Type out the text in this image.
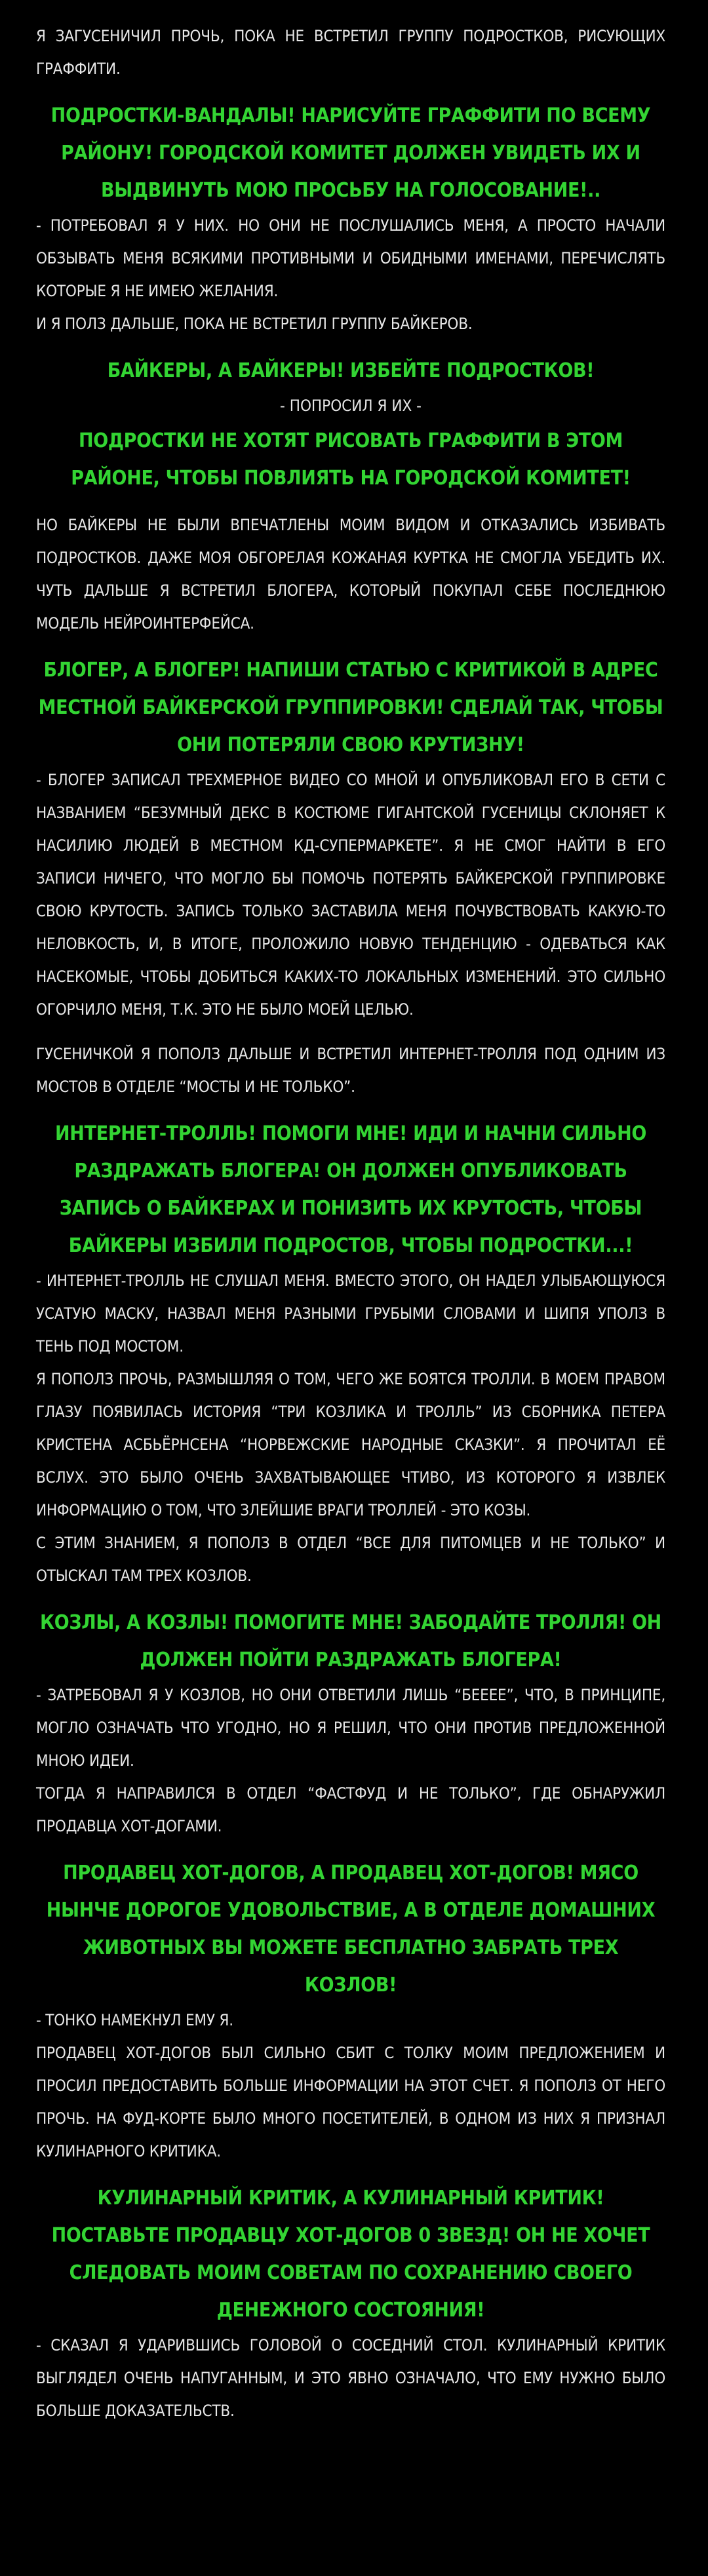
Я ЗАГУСЕНИЧИЛ ПРОЧЬ, ПОКА НЕ ВСТРЕТИЛ ГРУППУ ПОДРОСТКОВ, РИСУЮЩИХ ГРАФФИТИ.

ПОДРОСТКИ-ВАНДАЛЫ! НАРИСУЙТЕ ГРАФФИТИ ПО ВСЕМУ РАЙОНУ! ГОРОДСКОЙ КОМИТЕТ ДОЛЖЕН УВИДЕТЬ ИХ И ВЫДВИНУТЬ МОЮ ПРОСЬБУ НА ГОЛОСОВАНИЕ!..

- ПОТРЕБОВАЛ Я У НИХ. НО ОНИ НЕ ПОСЛУШАЛИСЬ МЕНЯ, А ПРОСТО НАЧАЛИ ОБЗЫВАТЬ МЕНЯ ВСЯКИМИ ПРОТИВНЫМИ И ОБИДНЫМИ ИМЕНАМИ, ПЕРЕЧИСЛЯТЬ КОТОРЫЕ Я НЕ ИМЕЮ ЖЕЛАНИЯ.

И Я ПОЛЗ ДАЛЬШЕ, ПОКА НЕ ВСТРЕТИЛ ГРУППУ БАЙКЕРОВ.

БАЙКЕРЫ, А БАЙКЕРЫ! ИЗБЕЙТЕ ПОДРОСТКОВ!

- ПОПРОСИЛ Я ИХ -

ПОДРОСТКИ НЕ ХОТЯТ РИСОВАТЬ ГРАФФИТИ В ЭТОМ РАЙОНЕ, ЧТОБЫ ПОВЛИЯТЬ НА ГОРОДСКОЙ КОМИТЕТ!

НО БАЙКЕРЫ НЕ БЫЛИ ВПЕЧАТЛЕНЫ МОИМ ВИДОМ И ОТКАЗАЛИСЬ ИЗБИВАТЬ ПОДРОСТКОВ. ДАЖЕ МОЯ ОБГОРЕЛАЯ КОЖАНАЯ КУРТКА НЕ СМОГЛА УБЕДИТЬ ИХ. ЧУТЬ ДАЛЬШЕ Я ВСТРЕТИЛ БЛОГЕРА, КОТОРЫЙ ПОКУПАЛ СЕБЕ ПОСЛЕДНЮЮ МОДЕЛЬ НЕЙРОИНТЕРФЕЙСА.

БЛОГЕР, А БЛОГЕР! НАПИШИ СТАТЬЮ С КРИТИКОЙ В АДРЕС МЕСТНОЙ БАЙКЕРСКОЙ ГРУППИРОВКИ! СДЕЛАЙ ТАК, ЧТОБЫ ОНИ ПОТЕРЯЛИ СВОЮ КРУТИЗНУ!

- БЛОГЕР ЗАПИСАЛ ТРЕХМЕРНОЕ ВИДЕО СО МНОЙ И ОПУБЛИКОВАЛ ЕГО В СЕТИ С НАЗВАНИЕМ “БЕЗУМНЫЙ ДЕКС В КОСТЮМЕ ГИГАНТСКОЙ ГУСЕНИЦЫ СКЛОНЯЕТ К НАСИЛИЮ ЛЮДЕЙ В МЕСТНОМ КД-СУПЕРМАРКЕТЕ”. Я НЕ СМОГ НАЙТИ В ЕГО ЗАПИСИ НИЧЕГО, ЧТО МОГЛО БЫ ПОМОЧЬ ПОТЕРЯТЬ БАЙКЕРСКОЙ ГРУППИРОВКЕ СВОЮ КРУТОСТЬ. ЗАПИСЬ ТОЛЬКО ЗАСТАВИЛА МЕНЯ ПОЧУВСТВОВАТЬ КАКУЮ-ТО НЕЛОВКОСТЬ, И, В ИТОГЕ, ПРОЛОЖИЛО НОВУЮ ТЕНДЕНЦИЮ - ОДЕВАТЬСЯ КАК НАСЕКОМЫЕ, ЧТОБЫ ДОБИТЬСЯ КАКИХ-ТО ЛОКАЛЬНЫХ ИЗМЕНЕНИЙ. ЭТО СИЛЬНО ОГОРЧИЛО МЕНЯ, Т.К. ЭТО НЕ БЫЛО МОЕЙ ЦЕЛЬЮ.

ГУСЕНИЧКОЙ Я ПОПОЛЗ ДАЛЬШЕ И ВСТРЕТИЛ ИНТЕРНЕТ-ТРОЛЛЯ ПОД ОДНИМ ИЗ МОСТОВ В ОТДЕЛЕ “МОСТЫ И НЕ ТОЛЬКО”.

ИНТЕРНЕТ-ТРОЛЛЬ! ПОМОГИ МНЕ! ИДИ И НАЧНИ СИЛЬНО РАЗДРАЖАТЬ БЛОГЕРА! ОН ДОЛЖЕН ОПУБЛИКОВАТЬ ЗАПИСЬ О БАЙКЕРАХ И ПОНИЗИТЬ ИХ КРУТОСТЬ, ЧТОБЫ БАЙКЕРЫ ИЗБИЛИ ПОДРОСТОВ, ЧТОБЫ ПОДРОСТКИ...!

- ИНТЕРНЕТ-ТРОЛЛЬ НЕ СЛУШАЛ МЕНЯ. ВМЕСТО ЭТОГО, ОН НАДЕЛ УЛЫБАЮЩУЮСЯ УСАТУЮ МАСКУ, НАЗВАЛ МЕНЯ РАЗНЫМИ ГРУБЫМИ СЛОВАМИ И ШИПЯ УПОЛЗ В ТЕНЬ ПОД МОСТОМ.

Я ПОПОЛЗ ПРОЧЬ, РАЗМЫШЛЯЯ О ТОМ, ЧЕГО ЖЕ БОЯТСЯ ТРОЛЛИ. В МОЕМ ПРАВОМ ГЛАЗУ ПОЯВИЛАСЬ ИСТОРИЯ “ТРИ КОЗЛИКА И ТРОЛЛЬ” ИЗ СБОРНИКА ПЕТЕРА КРИСТЕНА АСБЬЁРНСЕНА “НОРВЕЖСКИЕ НАРОДНЫЕ СКАЗКИ”. Я ПРОЧИТАЛ ЕЁ ВСЛУХ. ЭТО БЫЛО ОЧЕНЬ ЗАХВАТЫВАЮЩЕЕ ЧТИВО, ИЗ КОТОРОГО Я ИЗВЛЕК ИНФОРМАЦИЮ О ТОМ, ЧТО ЗЛЕЙШИЕ ВРАГИ ТРОЛЛЕЙ - ЭТО КОЗЫ.

С ЭТИМ ЗНАНИЕМ, Я ПОПОЛЗ В ОТДЕЛ “ВСЕ ДЛЯ ПИТОМЦЕВ И НЕ ТОЛЬКО” И ОТЫСКАЛ ТАМ ТРЕХ КОЗЛОВ.

КОЗЛЫ, А КОЗЛЫ! ПОМОГИТЕ МНЕ! ЗАБОДАЙТЕ ТРОЛЛЯ! ОН ДОЛЖЕН ПОЙТИ РАЗДРАЖАТЬ БЛОГЕРА!

- ЗАТРЕБОВАЛ Я У КОЗЛОВ, НО ОНИ ОТВЕТИЛИ ЛИШЬ “БЕЕЕE”, ЧТО, В ПРИНЦИПЕ, МОГЛО ОЗНАЧАТЬ ЧТО УГОДНО, НО Я РЕШИЛ, ЧТО ОНИ ПРОТИВ ПРЕДЛОЖЕННОЙ МНОЮ ИДЕИ.

ТОГДА Я НАПРАВИЛСЯ В ОТДЕЛ “ФАСТФУД И НЕ ТОЛЬКО”, ГДЕ ОБНАРУЖИЛ ПРОДАВЦА ХОТ-ДОГАМИ.

ПРОДАВЕЦ ХОТ-ДОГОВ, А ПРОДАВЕЦ ХОТ-ДОГОВ! МЯСО НЫНЧЕ ДОРОГОЕ УДОВОЛЬСТВИЕ, А В ОТДЕЛЕ ДОМАШНИХ ЖИВОТНЫХ ВЫ МОЖЕТЕ БЕСПЛАТНО ЗАБРАТЬ ТРЕХ КОЗЛОВ!

- ТОНКО НАМЕКНУЛ ЕМУ Я.

ПРОДАВЕЦ ХОТ-ДОГОВ БЫЛ СИЛЬНО СБИТ С ТОЛКУ МОИМ ПРЕДЛОЖЕНИЕМ И ПРОСИЛ ПРЕДОСТАВИТЬ БОЛЬШЕ ИНФОРМАЦИИ НА ЭТОТ СЧЕТ. Я ПОПОЛЗ ОТ НЕГО ПРОЧЬ. НА ФУД-КОРТЕ БЫЛО МНОГО ПОСЕТИТЕЛЕЙ, В ОДНОМ ИЗ НИХ Я ПРИЗНАЛ КУЛИНАРНОГО КРИТИКА.

КУЛИНАРНЫЙ КРИТИК, А КУЛИНАРНЫЙ КРИТИК! ПОСТАВЬТЕ ПРОДАВЦУ ХОТ-ДОГОВ 0 ЗВЕЗД! ОН НЕ ХОЧЕТ СЛЕДОВАТЬ МОИМ СОВЕТАМ ПО СОХРАНЕНИЮ СВОЕГО ДЕНЕЖНОГО СОСТОЯНИЯ!

- СКАЗАЛ Я УДАРИВШИСЬ ГОЛОВОЙ О СОСЕДНИЙ СТОЛ. КУЛИНАРНЫЙ КРИТИК ВЫГЛЯДЕЛ ОЧЕНЬ НАПУГАННЫМ, И ЭТО ЯВНО ОЗНАЧАЛО, ЧТО ЕМУ НУЖНО БЫЛО БОЛЬШЕ ДОКАЗАТЕЛЬСТВ.
